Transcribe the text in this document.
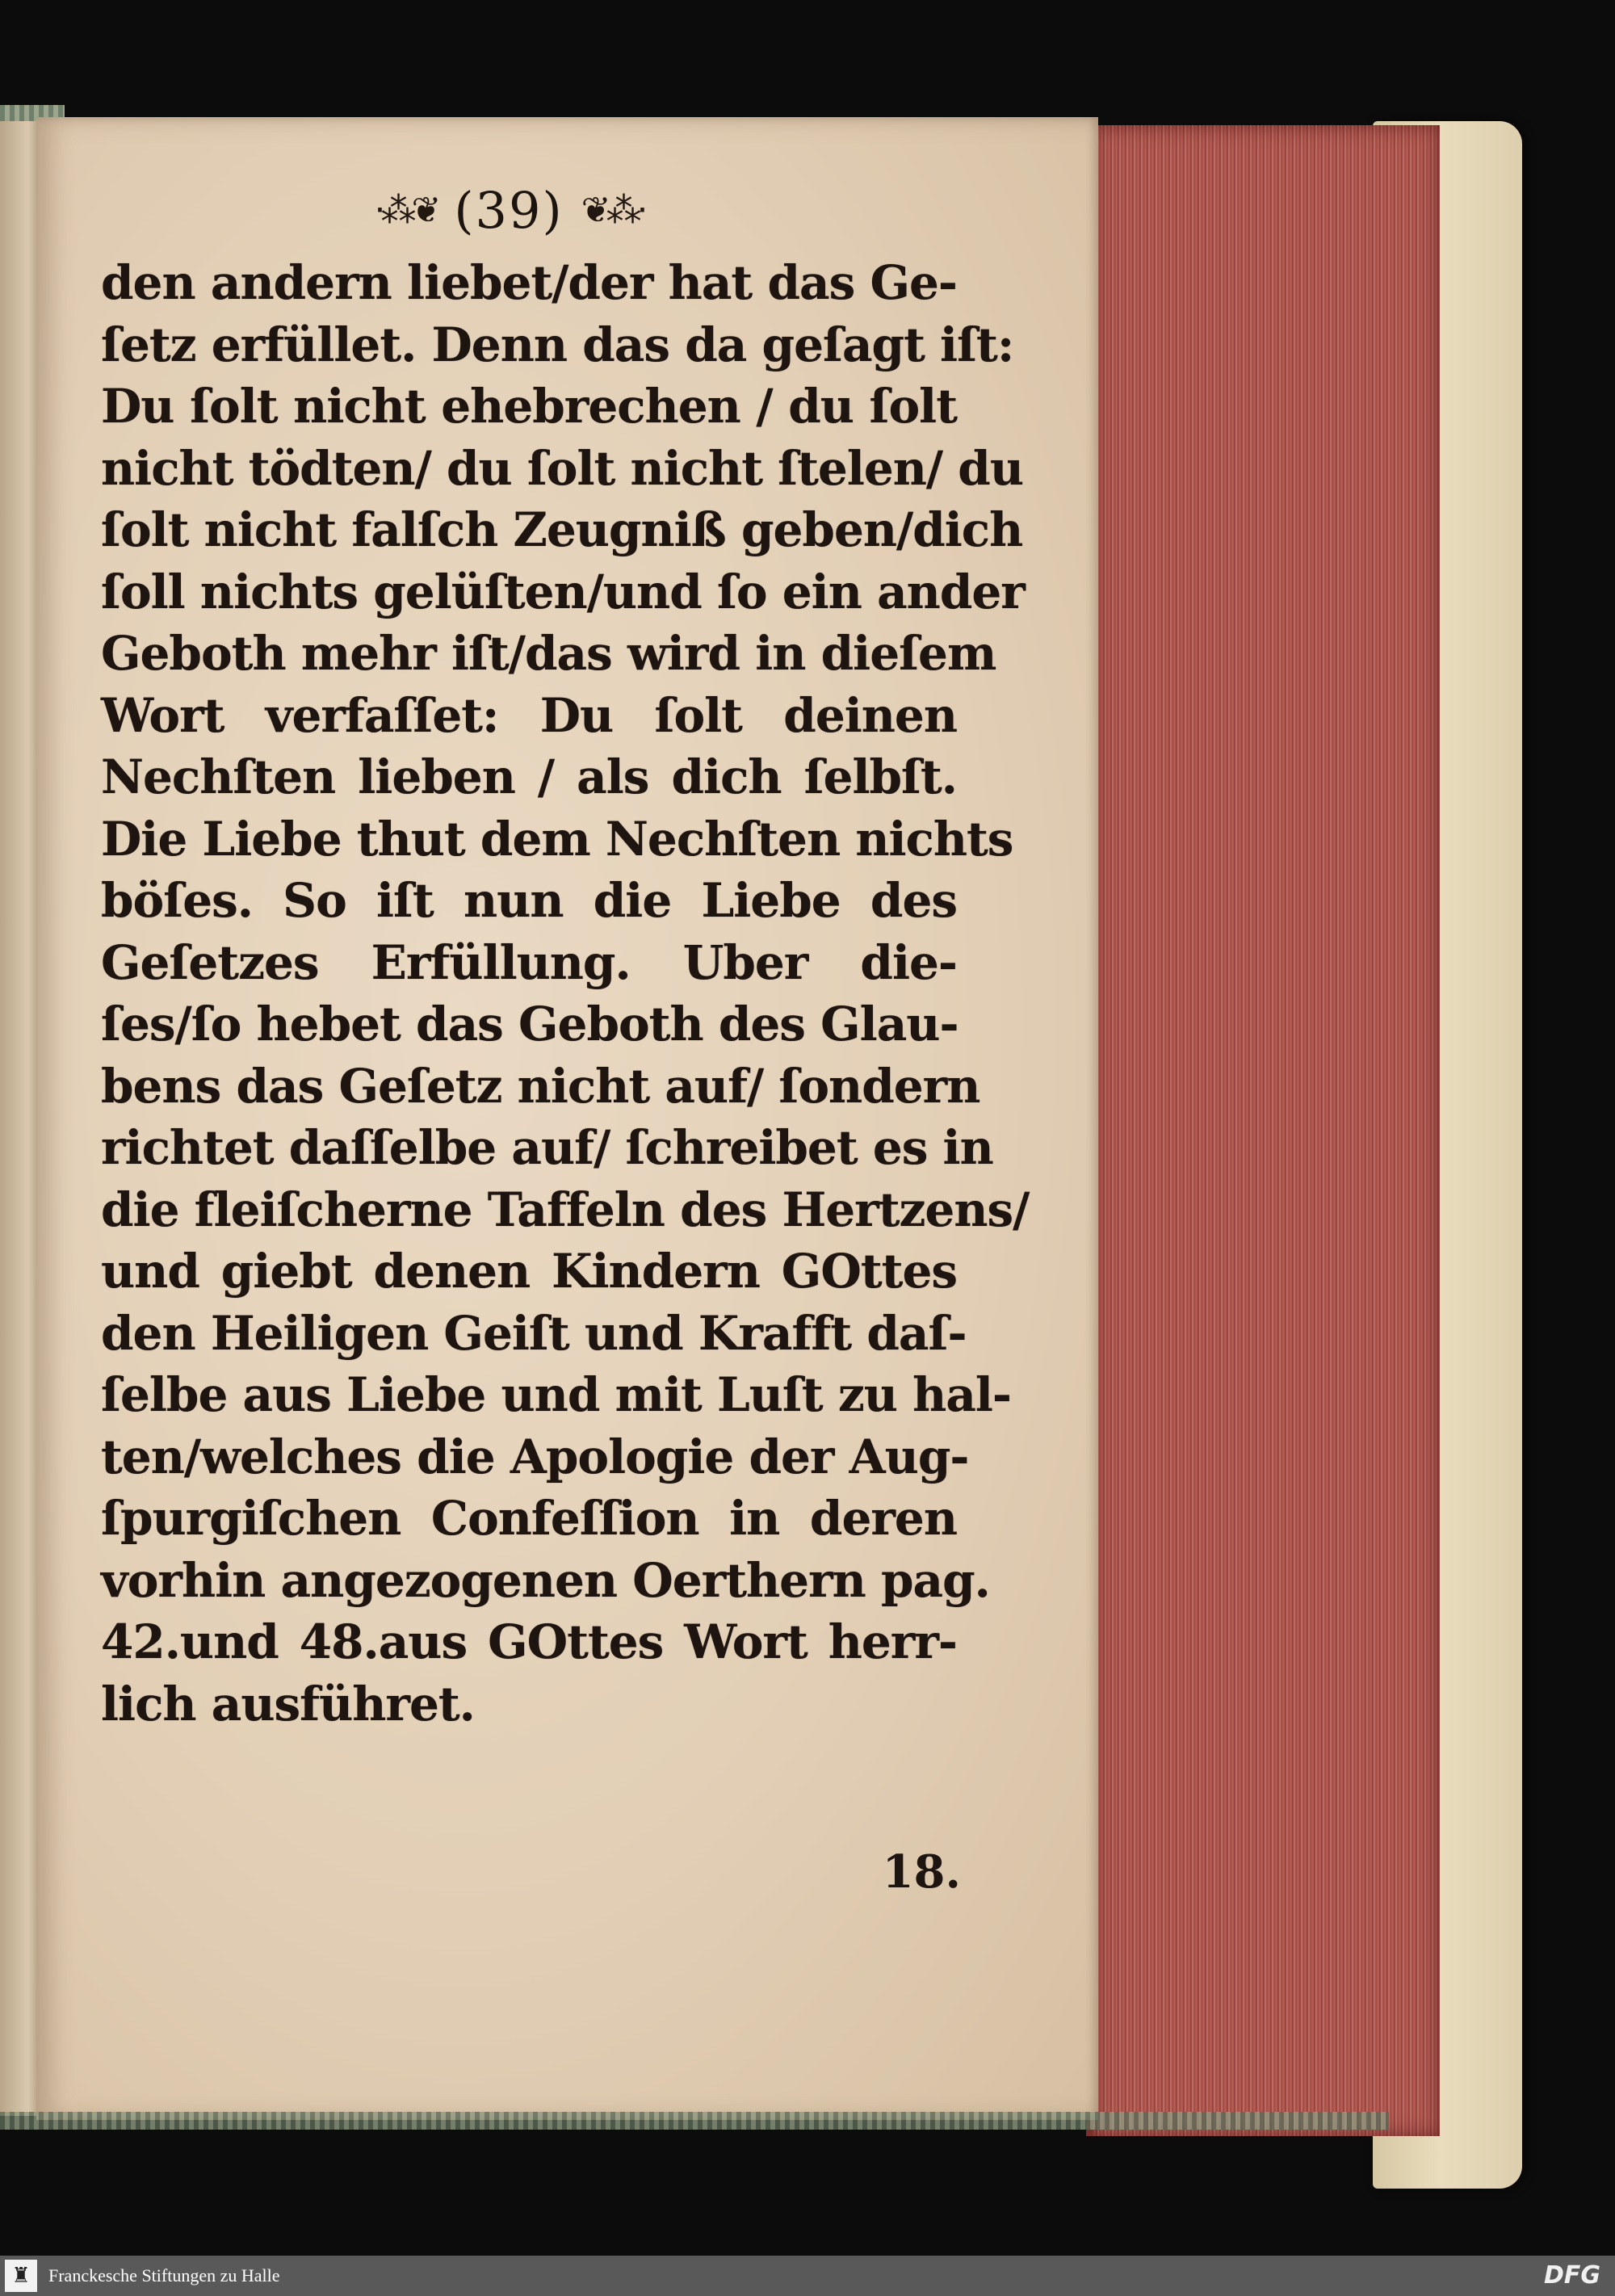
·⁂❦ (39) ❦⁂·
den andern liebet/der hat das Ge-
ſetz erfüllet. Denn das da geſagt iſt:
Du ſolt nicht ehebrechen / du ſolt
nicht tödten/ du ſolt nicht ſtelen/ du
ſolt nicht falſch Zeugniß geben/dich
ſoll nichts gelüſten/und ſo ein ander
Geboth mehr iſt/das wird in dieſem
Wort verfaſſet: Du ſolt deinen
Nechſten lieben / als dich ſelbſt.
Die Liebe thut dem Nechſten nichts
böſes. So iſt nun die Liebe des
Geſetzes Erfüllung. Uber die-
ſes/ſo hebet das Geboth des Glau-
bens das Geſetz nicht auf/ ſondern
richtet daſſelbe auf/ ſchreibet es in
die fleiſcherne Taffeln des Hertzens/
und giebt denen Kindern GOttes
den Heiligen Geiſt und Krafft daſ-
ſelbe aus Liebe und mit Luſt zu hal-
ten/welches die Apologie der Aug-
ſpurgiſchen Confeſſion in deren
vorhin angezogenen Oerthern pag.
42.und 48.aus GOttes Wort herr-
lich ausführet.
18.
♜ Franckesche Stiftungen zu Halle	DFG
